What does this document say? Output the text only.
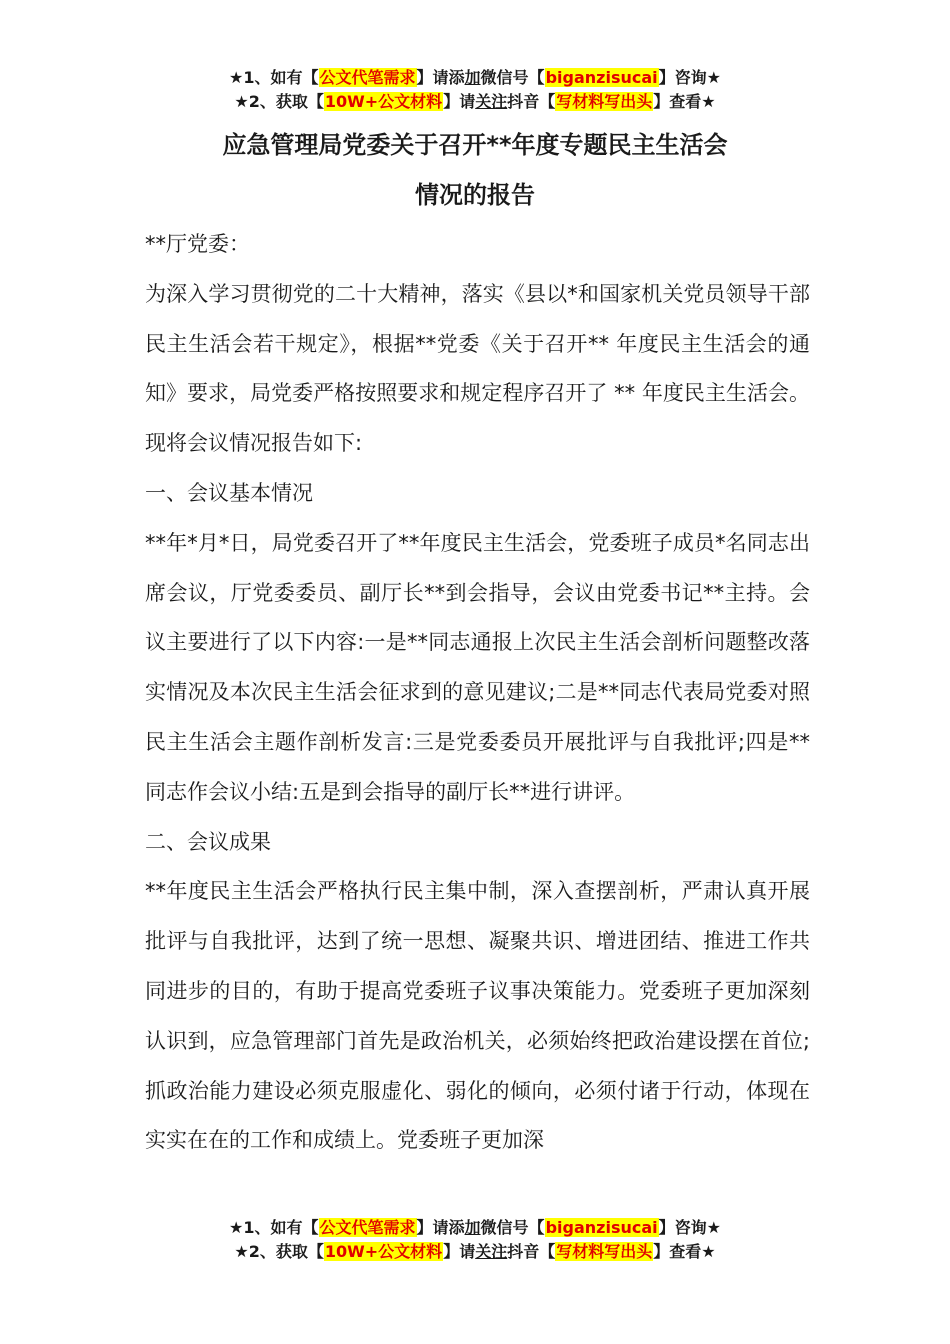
★1、如有【公文代笔需求】请添加微信号【biganzisucai】咨询★
★2、获取【10W+公文材料】请关注抖音【写材料写出头】查看★
应急管理局党委关于召开**年度专题民主生活会
情况的报告

**厅党委：

为深入学习贯彻党的二十大精神，落实《县以*和国家机关党员领导干部民主生活会若干规定》，根据**党委《关于召开** 年度民主生活会的通知》要求，局党委严格按照要求和规定程序召开了 ** 年度民主生活会。现将会议情况报告如下:

一、会议基本情况

**年*月*日，局党委召开了**年度民主生活会，党委班子成员*名同志出席会议，厅党委委员、副厅长**到会指导，会议由党委书记**主持。会议主要进行了以下内容:一是**同志通报上次民主生活会剖析问题整改落实情况及本次民主生活会征求到的意见建议;二是**同志代表局党委对照民主生活会主题作剖析发言:三是党委委员开展批评与自我批评;四是**同志作会议小结:五是到会指导的副厅长**进行讲评。

二、会议成果

**年度民主生活会严格执行民主集中制，深入查摆剖析，严肃认真开展批评与自我批评，达到了统一思想、凝聚共识、增进团结、推进工作共同进步的目的，有助于提高党委班子议事决策能力。党委班子更加深刻认识到，应急管理部门首先是政治机关，必须始终把政治建设摆在首位;抓政治能力建设必须克服虚化、弱化的倾向，必须付诸于行动，体现在实实在在的工作和成绩上。党委班子更加深

★1、如有【公文代笔需求】请添加微信号【biganzisucai】咨询★
★2、获取【10W+公文材料】请关注抖音【写材料写出头】查看★
